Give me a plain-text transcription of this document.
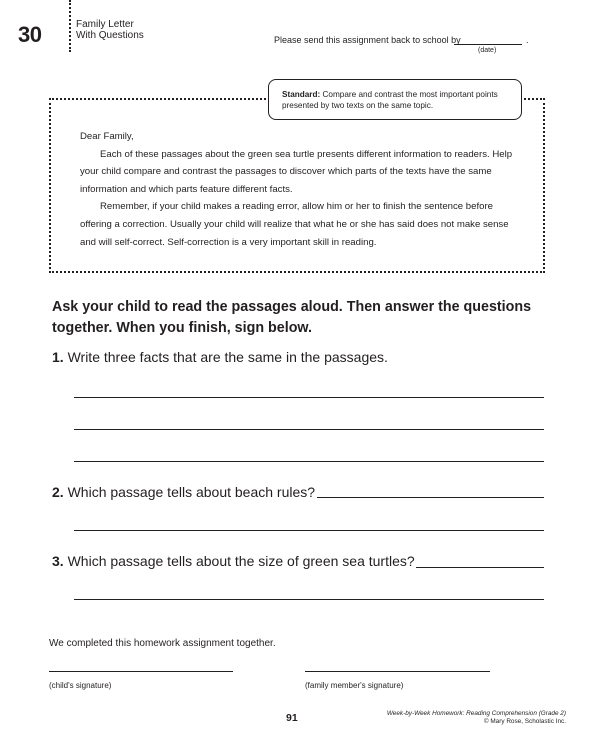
30	Family Letter
With Questions	Please send this assignment back to school by	.
(date)
Standard: Compare and contrast the most important points presented by two texts on the same topic.

Dear Family,

Each of these passages about the green sea turtle presents different information to readers. Help your child compare and contrast the passages to discover which parts of the texts have the same information and which parts feature different facts.

Remember, if your child makes a reading error, allow him or her to finish the sentence before offering a correction. Usually your child will realize that what he or she has said does not make sense and will self-correct. Self-correction is a very important skill in reading.

Ask your child to read the passages aloud. Then answer the questions together. When you finish, sign below.
1. Write three facts that are the same in the passages.
2. Which passage tells about beach rules?
3. Which passage tells about the size of green sea turtles?
We completed this homework assignment together.
(child's signature)	(family member's signature)
91	Week-by-Week Homework: Reading Comprehension (Grade 2)
© Mary Rose, Scholastic Inc.
